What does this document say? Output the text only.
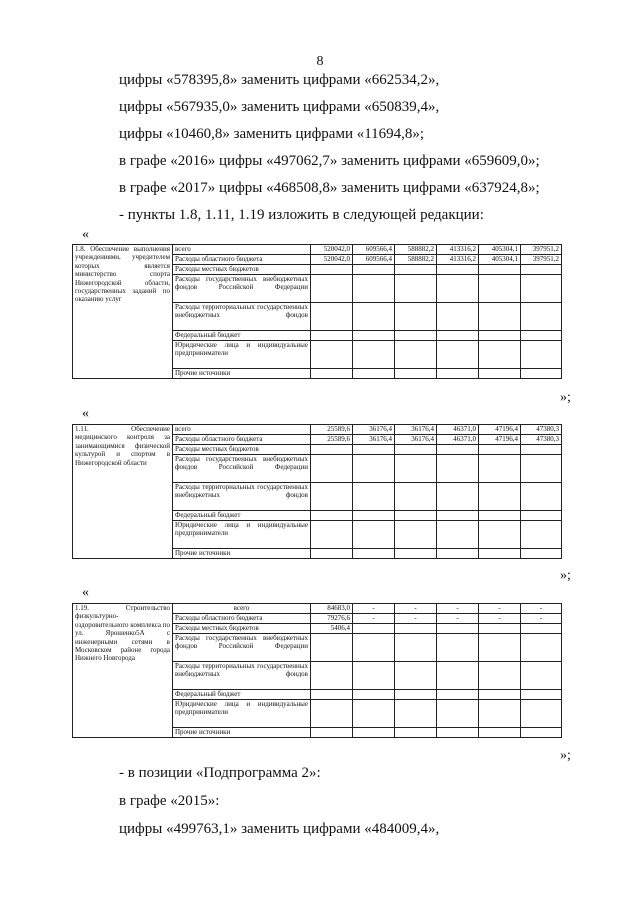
8
цифры «578395,8» заменить цифрами «662534,2»,
цифры «567935,0» заменить цифрами «650839,4»,
цифры «10460,8» заменить цифрами «11694,8»;
в графе «2016» цифры «497062,7» заменить цифрами «659609,0»;
в графе «2017» цифры «468508,8» заменить цифрами «637924,8»;
- пункты 1.8, 1.11, 1.19 изложить в следующей редакции:
«
1.8. Обеспечение выполнения учреждениями, учредителем которых является министерство спорта Нижегородской области, государственных заданий по оказанию услуг	всего	520042,0	609566,4	588882,2	413316,2	405304,1	397951,2
	Расходы областного бюджета	520042,0	609566,4	588882,2	413316,2	405304,1	397951,2
	Расходы местных бюджетов						
	Расходы государственных внебюджетных фондов Российской Федерации						
	Расходы территориальных государственных внебюджетных фондов						
	Федеральный бюджет						
	Юридические лица и индивидуальные предприниматели						
	Прочие источники						
»;
«
1.11. Обеспечение медицинского контроля за занимающимися физической культурой и спортом в Нижегородской области	всего	25589,6	36176,4	36176,4	46371,0	47196,4	47380,3
	Расходы областного бюджета	25589,6	36176,4	36176,4	46371,0	47196,4	47380,3
	Расходы местных бюджетов						
	Расходы государственных внебюджетных фондов Российской Федерации						
	Расходы территориальных государственных внебюджетных фондов						
	Федеральный бюджет						
	Юридические лица и индивидуальные предприниматели						
	Прочие источники						
»;
«
1.19. Строительство физкультурно-оздоровительного комплекса по ул. Ярошенко5А с инженерными сетями в Московском районе города Нижнего Новгорода	всего	84683,0	-	-	-	-	-
	Расходы областного бюджета	79276,6	-	-	-	-	-
	Расходы местных бюджетов	5406,4					
	Расходы государственных внебюджетных фондов Российской Федерации						
	Расходы территориальных государственных внебюджетных фондов						
	Федеральный бюджет						
	Юридические лица и индивидуальные предприниматели						
	Прочие источники						
»;
- в позиции «Подпрограмма 2»:
в графе «2015»:
цифры «499763,1» заменить цифрами «484009,4»,
